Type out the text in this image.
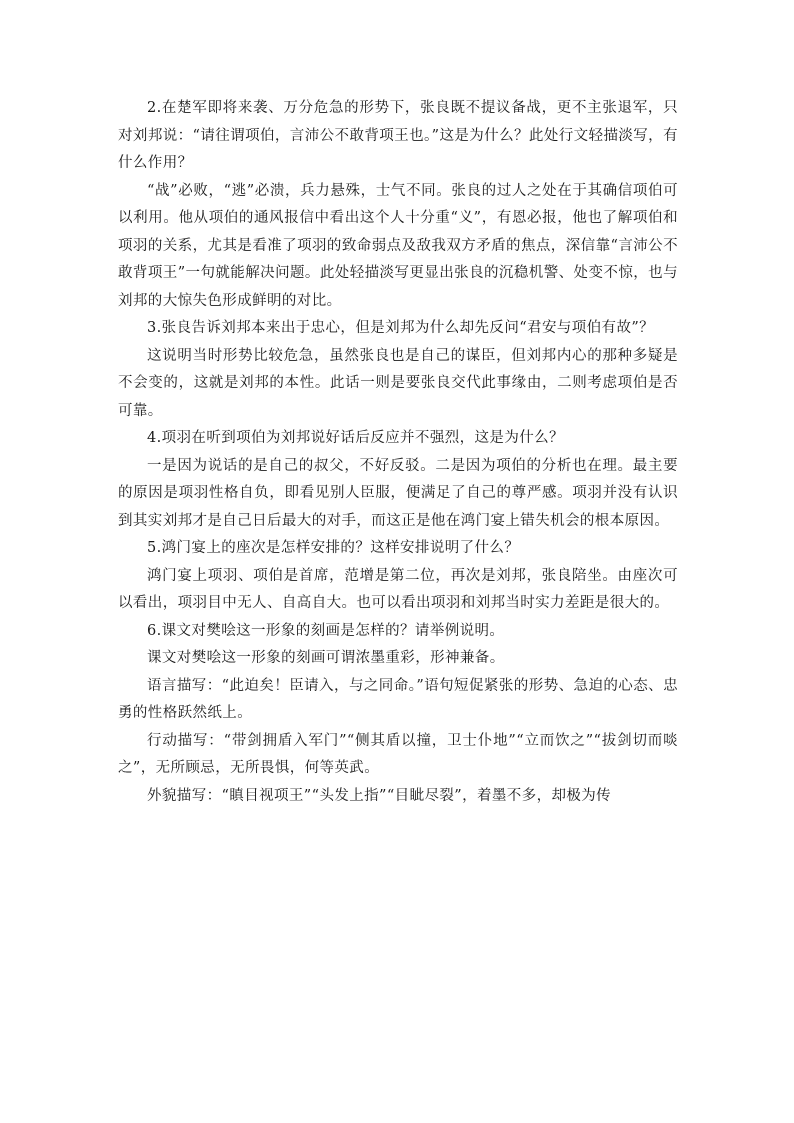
2.在楚军即将来袭、万分危急的形势下，张良既不提议备战，更不主张退军，只对刘邦说：“请往谓项伯，言沛公不敢背项王也。”这是为什么？此处行文轻描淡写，有什么作用？

“战”必败，“逃”必溃，兵力悬殊，士气不同。张良的过人之处在于其确信项伯可以利用。他从项伯的通风报信中看出这个人十分重“义”，有恩必报，他也了解项伯和项羽的关系，尤其是看准了项羽的致命弱点及敌我双方矛盾的焦点，深信靠“言沛公不敢背项王”一句就能解决问题。此处轻描淡写更显出张良的沉稳机警、处变不惊，也与刘邦的大惊失色形成鲜明的对比。

3.张良告诉刘邦本来出于忠心，但是刘邦为什么却先反问“君安与项伯有故”？

这说明当时形势比较危急，虽然张良也是自己的谋臣，但刘邦内心的那种多疑是不会变的，这就是刘邦的本性。此话一则是要张良交代此事缘由，二则考虑项伯是否可靠。

4.项羽在听到项伯为刘邦说好话后反应并不强烈，这是为什么？

一是因为说话的是自己的叔父，不好反驳。二是因为项伯的分析也在理。最主要的原因是项羽性格自负，即看见别人臣服，便满足了自己的尊严感。项羽并没有认识到其实刘邦才是自己日后最大的对手，而这正是他在鸿门宴上错失机会的根本原因。

5.鸿门宴上的座次是怎样安排的？这样安排说明了什么？

鸿门宴上项羽、项伯是首席，范增是第二位，再次是刘邦，张良陪坐。由座次可以看出，项羽目中无人、自高自大。也可以看出项羽和刘邦当时实力差距是很大的。

6.课文对樊哙这一形象的刻画是怎样的？请举例说明。

课文对樊哙这一形象的刻画可谓浓墨重彩，形神兼备。

语言描写：“此迫矣！臣请入，与之同命。”语句短促紧张的形势、急迫的心态、忠勇的性格跃然纸上。

行动描写：“带剑拥盾入军门”“侧其盾以撞，卫士仆地”“立而饮之”“拔剑切而啖之”，无所顾忌，无所畏惧，何等英武。

外貌描写：“瞋目视项王”“头发上指”“目眦尽裂”，着墨不多，却极为传
